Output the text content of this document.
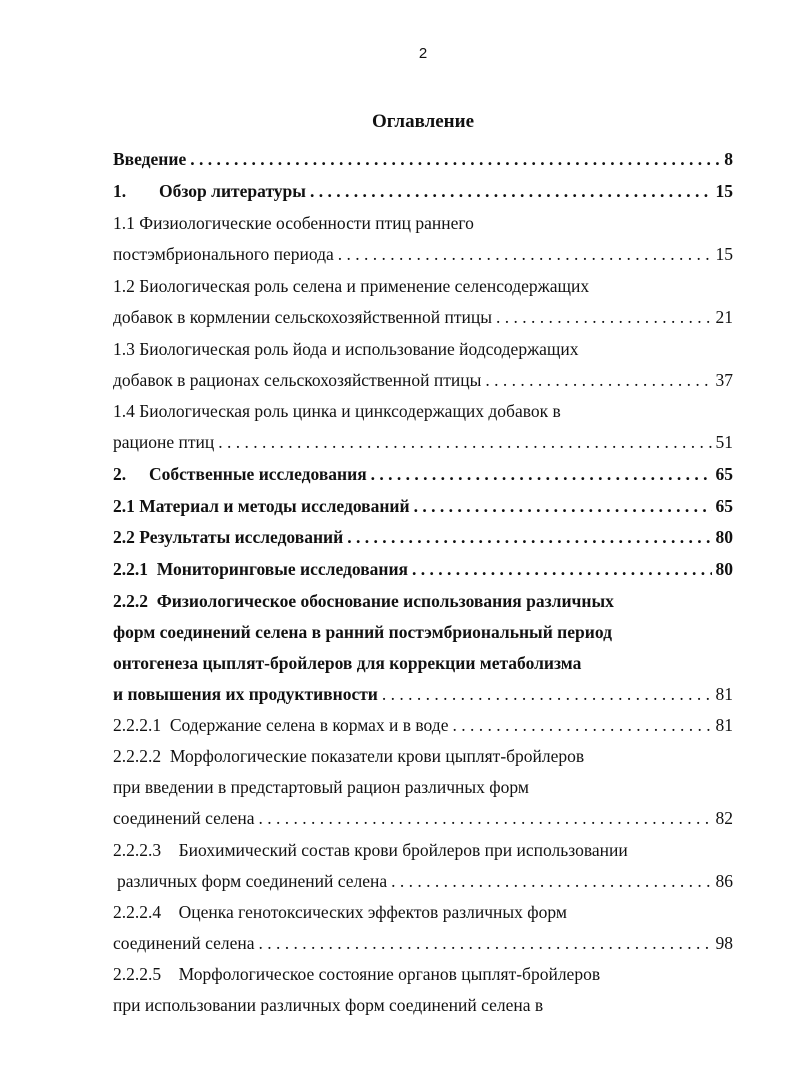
2
Оглавление
Введение . . .	8
1. Обзор литературы . . .	15
1.1 Физиологические особенности птиц раннего
постэмбрионального периода . . .	15
1.2 Биологическая роль селена и применение селенсодержащих
добавок в кормлении сельскохозяйственной птицы . . .	21
1.3 Биологическая роль йода и использование йодсодержащих
добавок в рационах сельскохозяйственной птицы . . .	37
1.4 Биологическая роль цинка и цинксодержащих добавок в
рационе птиц . . .	51
2. Собственные исследования . . .	65
2.1 Материал и методы исследований . . .	65
2.2 Результаты исследований . . .	80
2.2.1 Мониторинговые исследования . . .	80
2.2.2 Физиологическое обоснование использования различных
форм соединений селена в ранний постэмбриональный период
онтогенеза цыплят-бройлеров для коррекции метаболизма
и повышения их продуктивности . . .	81
2.2.2.1 Содержание селена в кормах и в воде . . .	81
2.2.2.2 Морфологические показатели крови цыплят-бройлеров
при введении в предстартовый рацион различных форм
соединений селена . . .	82
2.2.2.3 Биохимический состав крови бройлеров при использовании
различных форм соединений селена . . .	86
2.2.2.4 Оценка генотоксических эффектов различных форм
соединений селена . . .	98
2.2.2.5 Морфологическое состояние органов цыплят-бройлеров
при использовании различных форм соединений селена в
